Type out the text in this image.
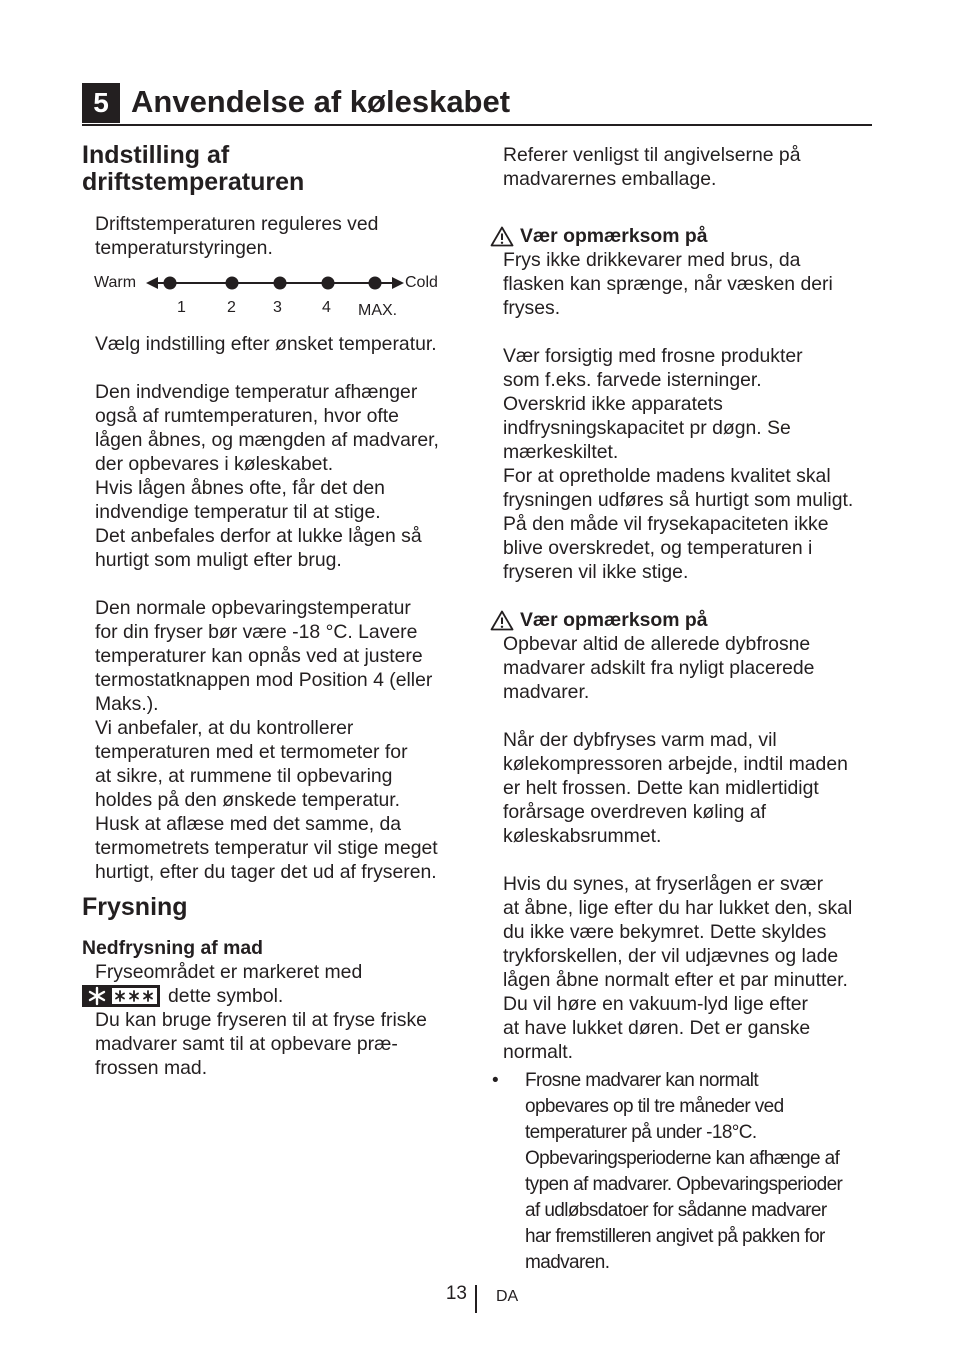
5 Anvendelse af køleskabet
Indstilling af
driftstemperaturen

Driftstemperaturen reguleres ved
temperaturstyringen.

Warm	Cold
1	2 3	4 MAX.

Vælg indstilling efter ønsket temperatur.

Den indvendige temperatur afhænger
også af rumtemperaturen, hvor ofte
lågen åbnes, og mængden af madvarer,
der opbevares i køleskabet.

Hvis lågen åbnes ofte, får det den
indvendige temperatur til at stige.

Det anbefales derfor at lukke lågen så
hurtigt som muligt efter brug.

Den normale opbevaringstemperatur
for din fryser bør være -18 °C. Lavere
temperaturer kan opnås ved at justere
termostatknappen mod Position 4 (eller
Maks.).

Vi anbefaler, at du kontrollerer
temperaturen med et termometer for
at sikre, at rummene til opbevaring
holdes på den ønskede temperatur.
Husk at aflæse med det samme, da
termometrets temperatur vil stige meget
hurtigt, efter du tager det ud af fryseren.

Frysning
Nedfrysning af mad

Fryseområdet er markeret med

dette symbol.

Du kan bruge fryseren til at fryse friske
madvarer samt til at opbevare præ-
frossen mad.

Referer venligst til angivelserne på
madvarernes emballage.

Vær opmærksom på

Frys ikke drikkevarer med brus, da
flasken kan sprænge, når væsken deri
fryses.

Vær forsigtig med frosne produkter
som f.eks. farvede isterninger.

Overskrid ikke apparatets
indfrysningskapacitet pr døgn. Se
mærkeskiltet.

For at opretholde madens kvalitet skal
frysningen udføres så hurtigt som muligt.

På den måde vil frysekapaciteten ikke
blive overskredet, og temperaturen i
fryseren vil ikke stige.

Vær opmærksom på

Opbevar altid de allerede dybfrosne
madvarer adskilt fra nyligt placerede
madvarer.

Når der dybfryses varm mad, vil
kølekompressoren arbejde, indtil maden
er helt frossen. Dette kan midlertidigt
forårsage overdreven køling af
køleskabsrummet.

Hvis du synes, at fryserlågen er svær
at åbne, lige efter du har lukket den, skal
du ikke være bekymret. Dette skyldes
trykforskellen, der vil udjævnes og lade
lågen åbne normalt efter et par minutter.

Du vil høre en vakuum-lyd lige efter
at have lukket døren. Det er ganske
normalt.

•	Frosne madvarer kan normalt
opbevares op til tre måneder ved
temperaturer på under -18°C.
Opbevaringsperioderne kan afhænge af
typen af madvarer. Opbevaringsperioder
af udløbsdatoer for sådanne madvarer
har fremstilleren angivet på pakken for
madvaren.
13 DA
